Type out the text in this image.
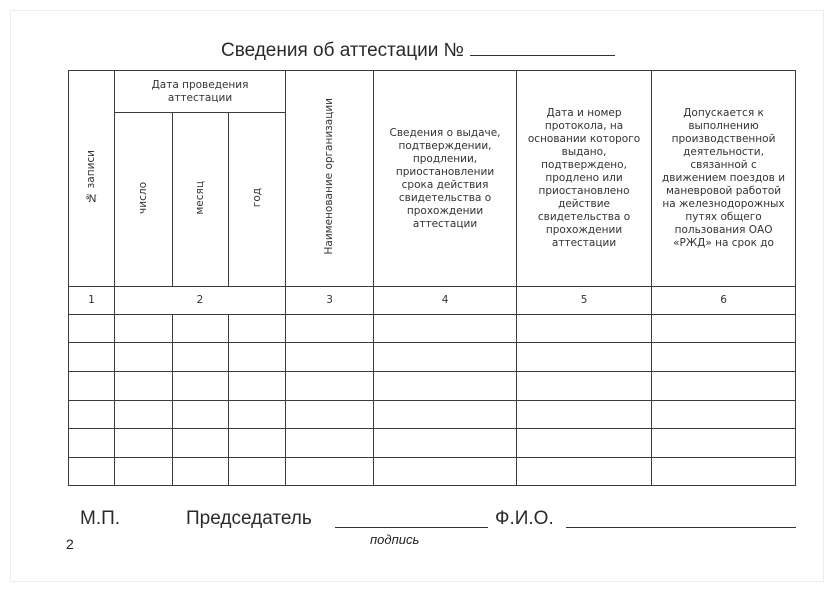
Сведения об аттестации №
№ записи	Дата проведения аттестации			Наименование организации	Сведения о выдаче, подтверждении, продлении, приостановлении срока действия свидетельства о прохождении аттестации	Дата и номер протокола, на основании которого выдано, подтверждено, продлено или приостановлено действие свидетельства о прохождении аттестации	Допускается к выполнению производственной деятельности, связанной с движением поездов и маневровой работой на железнодорожных путях общего пользования ОАО «РЖД» на срок до
	число	месяц	год				
1	2			3	4	5	6

М.П.	Председатель	Ф.И.О.
подпись
2
